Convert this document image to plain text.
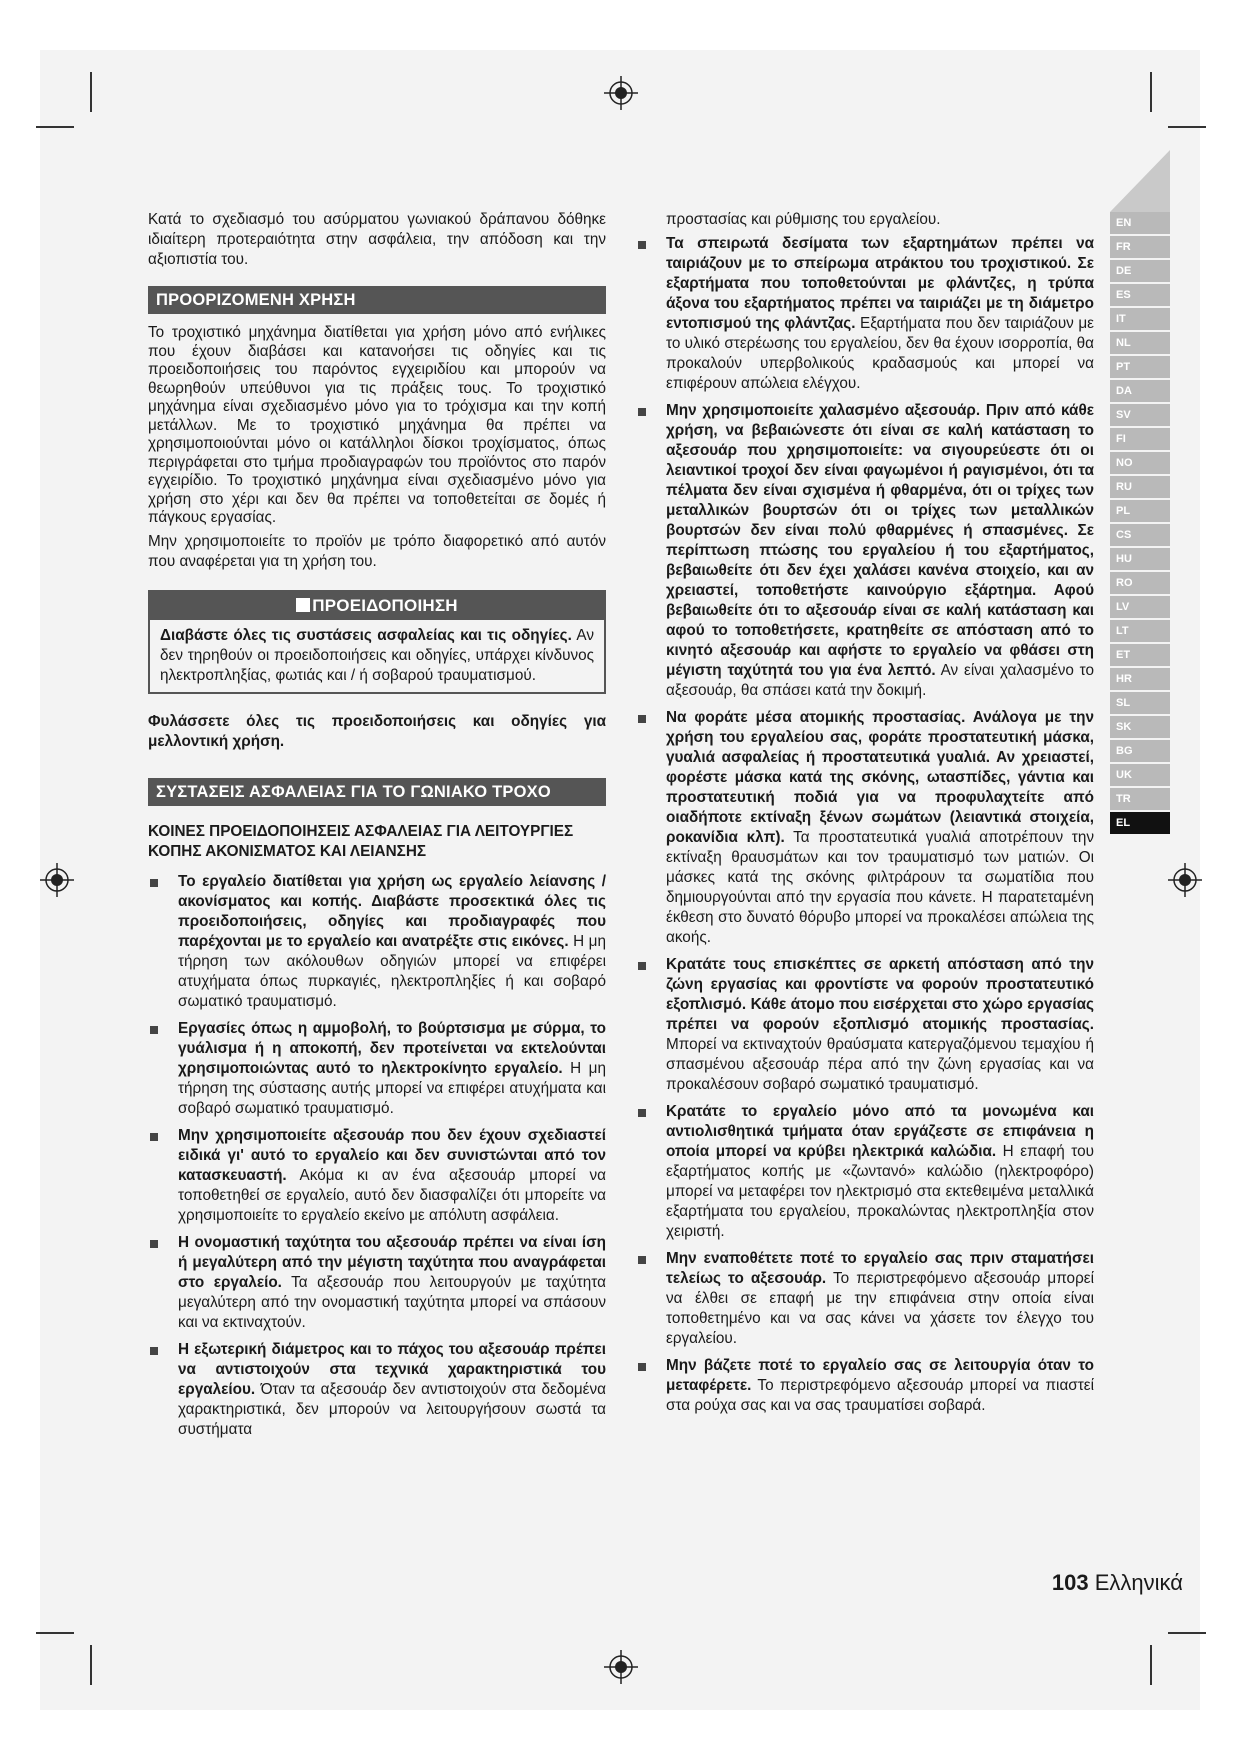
Κατά το σχεδιασμό του ασύρματου γωνιακού δράπανου δόθηκε ιδιαίτερη προτεραιότητα στην ασφάλεια, την απόδοση και την αξιοπιστία του.

ΠΡΟΟΡΙΖΟΜΕΝΗ ΧΡΗΣΗ

Το τροχιστικό μηχάνημα διατίθεται για χρήση μόνο από ενήλικες που έχουν διαβάσει και κατανοήσει τις οδηγίες και τις προειδοποιήσεις του παρόντος εγχειριδίου και μπορούν να θεωρηθούν υπεύθυνοι για τις πράξεις τους. Το τροχιστικό μηχάνημα είναι σχεδιασμένο μόνο για το τρόχισμα και την κοπή μετάλλων. Με το τροχιστικό μηχάνημα θα πρέπει να χρησιμοποιούνται μόνο οι κατάλληλοι δίσκοι τροχίσματος, όπως περιγράφεται στο τμήμα προδιαγραφών του προϊόντος στο παρόν εγχειρίδιο. Το τροχιστικό μηχάνημα είναι σχεδιασμένο μόνο για χρήση στο χέρι και δεν θα πρέπει να τοποθετείται σε δομές ή πάγκους εργασίας.

Μην χρησιμοποιείτε το προϊόν με τρόπο διαφορετικό από αυτόν που αναφέρεται για τη χρήση του.

ΠΡΟΕΙΔΟΠΟΙΗΣΗ
Διαβάστε όλες τις συστάσεις ασφαλείας και τις οδηγίες. Αν δεν τηρηθούν οι προειδοποιήσεις και οδηγίες, υπάρχει κίνδυνος ηλεκτροπληξίας, φωτιάς και / ή σοβαρού τραυματισμού.

Φυλάσσετε όλες τις προειδοποιήσεις και οδηγίες για μελλοντική χρήση.

ΣΥΣΤΑΣΕΙΣ ΑΣΦΑΛΕΙΑΣ ΓΙΑ ΤΟ ΓΩΝΙΑΚΟ ΤΡΟΧΟ
ΚΟΙΝΕΣ ΠΡΟΕΙΔΟΠΟΙΗΣΕΙΣ ΑΣΦΑΛΕΙΑΣ ΓΙΑ ΛΕΙΤΟΥΡΓΙΕΣ ΚΟΠΗΣ ΑΚΟΝΙΣΜΑΤΟΣ ΚΑΙ ΛΕΙΑΝΣΗΣ
Το εργαλείο διατίθεται για χρήση ως εργαλείο λείανσης / ακονίσματος και κοπής. Διαβάστε προσεκτικά όλες τις προειδοποιήσεις, οδηγίες και προδιαγραφές που παρέχονται με το εργαλείο και ανατρέξτε στις εικόνες. Η μη τήρηση των ακόλουθων οδηγιών μπορεί να επιφέρει ατυχήματα όπως πυρκαγιές, ηλεκτροπληξίες ή και σοβαρό σωματικό τραυματισμό.
Εργασίες όπως η αμμοβολή, το βούρτσισμα με σύρμα, το γυάλισμα ή η αποκοπή, δεν προτείνεται να εκτελούνται χρησιμοποιώντας αυτό το ηλεκτροκίνητο εργαλείο. Η μη τήρηση της σύστασης αυτής μπορεί να επιφέρει ατυχήματα και σοβαρό σωματικό τραυματισμό.
Μην χρησιμοποιείτε αξεσουάρ που δεν έχουν σχεδιαστεί ειδικά γι' αυτό το εργαλείο και δεν συνιστώνται από τον κατασκευαστή. Ακόμα κι αν ένα αξεσουάρ μπορεί να τοποθετηθεί σε εργαλείο, αυτό δεν διασφαλίζει ότι μπορείτε να χρησιμοποιείτε το εργαλείο εκείνο με απόλυτη ασφάλεια.
Η ονομαστική ταχύτητα του αξεσουάρ πρέπει να είναι ίση ή μεγαλύτερη από την μέγιστη ταχύτητα που αναγράφεται στο εργαλείο. Τα αξεσουάρ που λειτουργούν με ταχύτητα μεγαλύτερη από την ονομαστική ταχύτητα μπορεί να σπάσουν και να εκτιναχτούν.
Η εξωτερική διάμετρος και το πάχος του αξεσουάρ πρέπει να αντιστοιχούν στα τεχνικά χαρακτηριστικά του εργαλείου. Όταν τα αξεσουάρ δεν αντιστοιχούν στα δεδομένα χαρακτηριστικά, δεν μπορούν να λειτουργήσουν σωστά τα συστήματα

προστασίας και ρύθμισης του εργαλείου.

Τα σπειρωτά δεσίματα των εξαρτημάτων πρέπει να ταιριάζουν με το σπείρωμα ατράκτου του τροχιστικού. Σε εξαρτήματα που τοποθετούνται με φλάντζες, η τρύπα άξονα του εξαρτήματος πρέπει να ταιριάζει με τη διάμετρο εντοπισμού της φλάντζας. Εξαρτήματα που δεν ταιριάζουν με το υλικό στερέωσης του εργαλείου, δεν θα έχουν ισορροπία, θα προκαλούν υπερβολικούς κραδασμούς και μπορεί να επιφέρουν απώλεια ελέγχου.
Μην χρησιμοποιείτε χαλασμένο αξεσουάρ. Πριν από κάθε χρήση, να βεβαιώνεστε ότι είναι σε καλή κατάσταση το αξεσουάρ που χρησιμοποιείτε: να σιγουρεύεστε ότι οι λειαντικοί τροχοί δεν είναι φαγωμένοι ή ραγισμένοι, ότι τα πέλματα δεν είναι σχισμένα ή φθαρμένα, ότι οι τρίχες των μεταλλικών βουρτσών ότι οι τρίχες των μεταλλικών βουρτσών δεν είναι πολύ φθαρμένες ή σπασμένες. Σε περίπτωση πτώσης του εργαλείου ή του εξαρτήματος, βεβαιωθείτε ότι δεν έχει χαλάσει κανένα στοιχείο, και αν χρειαστεί, τοποθετήστε καινούργιο εξάρτημα. Αφού βεβαιωθείτε ότι το αξεσουάρ είναι σε καλή κατάσταση και αφού το τοποθετήσετε, κρατηθείτε σε απόσταση από το κινητό αξεσουάρ και αφήστε το εργαλείο να φθάσει στη μέγιστη ταχύτητά του για ένα λεπτό. Αν είναι χαλασμένο το αξεσουάρ, θα σπάσει κατά την δοκιμή.
Να φοράτε μέσα ατομικής προστασίας. Ανάλογα με την χρήση του εργαλείου σας, φοράτε προστατευτική μάσκα, γυαλιά ασφαλείας ή προστατευτικά γυαλιά. Αν χρειαστεί, φορέστε μάσκα κατά της σκόνης, ωτασπίδες, γάντια και προστατευτική ποδιά για να προφυλαχτείτε από οιαδήποτε εκτίναξη ξένων σωμάτων (λειαντικά στοιχεία, ροκανίδια κλπ). Τα προστατευτικά γυαλιά αποτρέπουν την εκτίναξη θραυσμάτων και τον τραυματισμό των ματιών. Οι μάσκες κατά της σκόνης φιλτράρουν τα σωματίδια που δημιουργούνται από την εργασία που κάνετε. Η παρατεταμένη έκθεση στο δυνατό θόρυβο μπορεί να προκαλέσει απώλεια της ακοής.
Κρατάτε τους επισκέπτες σε αρκετή απόσταση από την ζώνη εργασίας και φροντίστε να φορούν προστατευτικό εξοπλισμό. Κάθε άτομο που εισέρχεται στο χώρο εργασίας πρέπει να φορούν εξοπλισμό ατομικής προστασίας. Μπορεί να εκτιναχτούν θραύσματα κατεργαζόμενου τεμαχίου ή σπασμένου αξεσουάρ πέρα από την ζώνη εργασίας και να προκαλέσουν σοβαρό σωματικό τραυματισμό.
Κρατάτε το εργαλείο μόνο από τα μονωμένα και αντιολισθητικά τμήματα όταν εργάζεστε σε επιφάνεια η οποία μπορεί να κρύβει ηλεκτρικά καλώδια. Η επαφή του εξαρτήματος κοπής με «ζωντανό» καλώδιο (ηλεκτροφόρο) μπορεί να μεταφέρει τον ηλεκτρισμό στα εκτεθειμένα μεταλλικά εξαρτήματα του εργαλείου, προκαλώντας ηλεκτροπληξία στον χειριστή.
Μην εναποθέτετε ποτέ το εργαλείο σας πριν σταματήσει τελείως το αξεσουάρ. Το περιστρεφόμενο αξεσουάρ μπορεί να έλθει σε επαφή με την επιφάνεια στην οποία είναι τοποθετημένο και να σας κάνει να χάσετε τον έλεγχο του εργαλείου.
Μην βάζετε ποτέ το εργαλείο σας σε λειτουργία όταν το μεταφέρετε. Το περιστρεφόμενο αξεσουάρ μπορεί να πιαστεί στα ρούχα σας και να σας τραυματίσει σοβαρά.
EN
FR
DE
ES
IT
NL
PT
DA
SV
FI
NO
RU
PL
CS
HU
RO
LV
LT
ET
HR
SL
SK
BG
UK
TR
EL
103 Ελληνικά
